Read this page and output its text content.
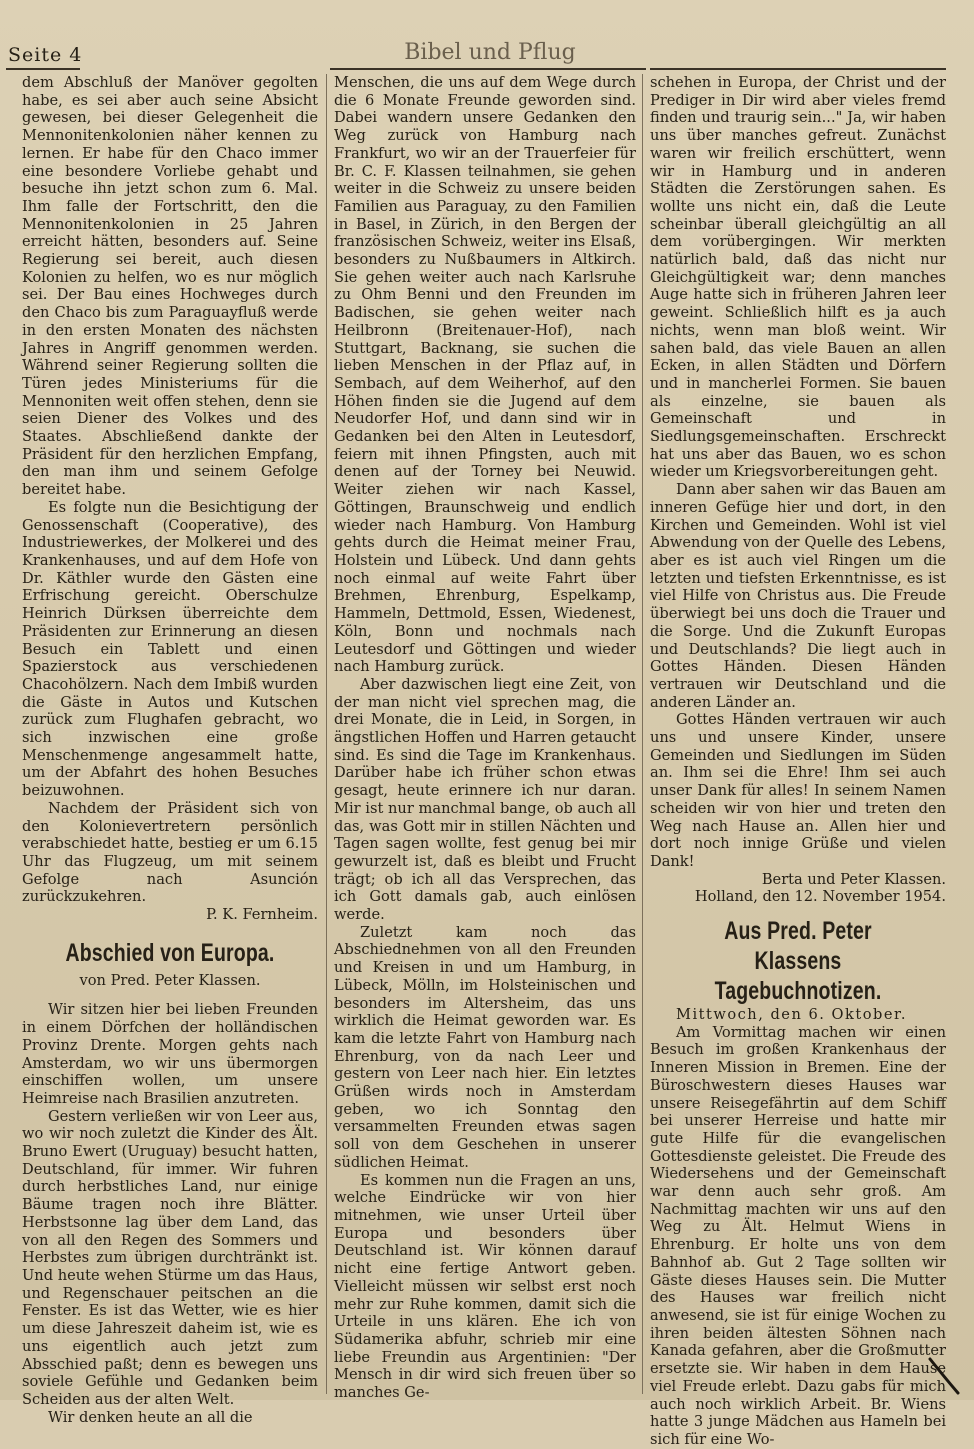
Seite 4	Bibel und Pflug

dem Abschluß der Manöver gegolten habe, es sei aber auch seine Absicht gewesen, bei dieser Gelegenheit die Mennonitenkolonien näher kennen zu lernen. Er habe für den Chaco immer eine besondere Vorliebe gehabt und besuche ihn jetzt schon zum 6. Mal. Ihm falle der Fortschritt, den die Mennonitenkolonien in 25 Jahren erreicht hätten, besonders auf. Seine Regierung sei bereit, auch diesen Kolonien zu helfen, wo es nur möglich sei. Der Bau eines Hochweges durch den Chaco bis zum Paraguayfluß werde in den ersten Monaten des nächsten Jahres in Angriff genommen werden. Während seiner Regierung sollten die Türen jedes Ministeriums für die Mennoniten weit offen stehen, denn sie seien Diener des Volkes und des Staates. Abschließend dankte der Präsident für den herzlichen Empfang, den man ihm und seinem Gefolge bereitet habe.

Es folgte nun die Besichtigung der Genossenschaft (Cooperative), des Industriewerkes, der Molkerei und des Krankenhauses, und auf dem Hofe von Dr. Käthler wurde den Gästen eine Erfrischung gereicht. Oberschulze Heinrich Dürksen überreichte dem Präsidenten zur Erinnerung an diesen Besuch ein Tablett und einen Spazierstock aus verschiedenen Chacohölzern. Nach dem Imbiß wurden die Gäste in Autos und Kutschen zurück zum Flughafen gebracht, wo sich inzwischen eine große Menschenmenge angesammelt hatte, um der Abfahrt des hohen Besuches beizuwohnen.

Nachdem der Präsident sich von den Kolonievertretern persönlich verabschiedet hatte, bestieg er um 6.15 Uhr das Flugzeug, um mit seinem Gefolge nach Asunción zurückzukehren.

P. K. Fernheim.

Abschied von Europa.
von Pred. Peter Klassen.

Wir sitzen hier bei lieben Freunden in einem Dörfchen der holländischen Provinz Drente. Morgen gehts nach Amsterdam, wo wir uns übermorgen einschiffen wollen, um unsere Heimreise nach Brasilien anzutreten.

Gestern verließen wir von Leer aus, wo wir noch zuletzt die Kinder des Ält. Bruno Ewert (Uruguay) besucht hatten, Deutschland, für immer. Wir fuhren durch herbstliches Land, nur einige Bäume tragen noch ihre Blätter. Herbstsonne lag über dem Land, das von all den Regen des Sommers und Herbstes zum übrigen durchtränkt ist. Und heute wehen Stürme um das Haus, und Regenschauer peitschen an die Fenster. Es ist das Wetter, wie es hier um diese Jahreszeit daheim ist, wie es uns eigentlich auch jetzt zum Absschied paßt; denn es bewegen uns soviele Gefühle und Gedanken beim Scheiden aus der alten Welt.

Wir denken heute an all die

Menschen, die uns auf dem Wege durch die 6 Monate Freunde geworden sind. Dabei wandern unsere Gedanken den Weg zurück von Hamburg nach Frankfurt, wo wir an der Trauerfeier für Br. C. F. Klassen teilnahmen, sie gehen weiter in die Schweiz zu unsere beiden Familien aus Paraguay, zu den Familien in Basel, in Zürich, in den Bergen der französischen Schweiz, weiter ins Elsaß, besonders zu Nußbaumers in Altkirch. Sie gehen weiter auch nach Karlsruhe zu Ohm Benni und den Freunden im Badischen, sie gehen weiter nach Heilbronn (Breitenauer-Hof), nach Stuttgart, Backnang, sie suchen die lieben Menschen in der Pflaz auf, in Sembach, auf dem Weiherhof, auf den Höhen finden sie die Jugend auf dem Neudorfer Hof, und dann sind wir in Gedanken bei den Alten in Leutesdorf, feiern mit ihnen Pfingsten, auch mit denen auf der Torney bei Neuwid. Weiter ziehen wir nach Kassel, Göttingen, Braunschweig und endlich wieder nach Hamburg. Von Hamburg gehts durch die Heimat meiner Frau, Holstein und Lübeck. Und dann gehts noch einmal auf weite Fahrt über Brehmen, Ehrenburg, Espelkamp, Hammeln, Dettmold, Essen, Wiedenest, Köln, Bonn und nochmals nach Leutesdorf und Göttingen und wieder nach Hamburg zurück.

Aber dazwischen liegt eine Zeit, von der man nicht viel sprechen mag, die drei Monate, die in Leid, in Sorgen, in ängstlichen Hoffen und Harren getaucht sind. Es sind die Tage im Krankenhaus. Darüber habe ich früher schon etwas gesagt, heute erinnere ich nur daran. Mir ist nur manchmal bange, ob auch all das, was Gott mir in stillen Nächten und Tagen sagen wollte, fest genug bei mir gewurzelt ist, daß es bleibt und Frucht trägt; ob ich all das Versprechen, das ich Gott damals gab, auch einlösen werde.

Zuletzt kam noch das Abschiednehmen von all den Freunden und Kreisen in und um Hamburg, in Lübeck, Mölln, im Holsteinischen und besonders im Altersheim, das uns wirklich die Heimat geworden war. Es kam die letzte Fahrt von Hamburg nach Ehrenburg, von da nach Leer und gestern von Leer nach hier. Ein letztes Grüßen wirds noch in Amsterdam geben, wo ich Sonntag den versammelten Freunden etwas sagen soll von dem Geschehen in unserer südlichen Heimat.

Es kommen nun die Fragen an uns, welche Eindrücke wir von hier mitnehmen, wie unser Urteil über Europa und besonders über Deutschland ist. Wir können darauf nicht eine fertige Antwort geben. Vielleicht müssen wir selbst erst noch mehr zur Ruhe kommen, damit sich die Urteile in uns klären. Ehe ich von Südamerika abfuhr, schrieb mir eine liebe Freundin aus Argentinien: "Der Mensch in dir wird sich freuen über so manches Ge-

schehen in Europa, der Christ und der Prediger in Dir wird aber vieles fremd finden und traurig sein..." Ja, wir haben uns über manches gefreut. Zunächst waren wir freilich erschüttert, wenn wir in Hamburg und in anderen Städten die Zerstörungen sahen. Es wollte uns nicht ein, daß die Leute scheinbar überall gleichgültig an all dem vorübergingen. Wir merkten natürlich bald, daß das nicht nur Gleichgültigkeit war; denn manches Auge hatte sich in früheren Jahren leer geweint. Schließlich hilft es ja auch nichts, wenn man bloß weint. Wir sahen bald, das viele Bauen an allen Ecken, in allen Städten und Dörfern und in mancherlei Formen. Sie bauen als einzelne, sie bauen als Gemeinschaft und in Siedlungsgemeinschaften. Erschreckt hat uns aber das Bauen, wo es schon wieder um Kriegsvorbereitungen geht.

Dann aber sahen wir das Bauen am inneren Gefüge hier und dort, in den Kirchen und Gemeinden. Wohl ist viel Abwendung von der Quelle des Lebens, aber es ist auch viel Ringen um die letzten und tiefsten Erkenntnisse, es ist viel Hilfe von Christus aus. Die Freude überwiegt bei uns doch die Trauer und die Sorge. Und die Zukunft Europas und Deutschlands? Die liegt auch in Gottes Händen. Diesen Händen vertrauen wir Deutschland und die anderen Länder an.

Gottes Händen vertrauen wir auch uns und unsere Kinder, unsere Gemeinden und Siedlungen im Süden an. Ihm sei die Ehre! Ihm sei auch unser Dank für alles! In seinem Namen scheiden wir von hier und treten den Weg nach Hause an. Allen hier und dort noch innige Grüße und vielen Dank!

Berta und Peter Klassen.

Holland, den 12. November 1954.

Aus Pred. Peter Klassens
Tagebuchnotizen.

Mittwoch, den 6. Oktober.

Am Vormittag machen wir einen Besuch im großen Krankenhaus der Inneren Mission in Bremen. Eine der Büroschwestern dieses Hauses war unsere Reisegefährtin auf dem Schiff bei unserer Herreise und hatte mir gute Hilfe für die evangelischen Gottesdienste geleistet. Die Freude des Wiedersehens und der Gemeinschaft war denn auch sehr groß. Am Nachmittag machten wir uns auf den Weg zu Ält. Helmut Wiens in Ehrenburg. Er holte uns von dem Bahnhof ab. Gut 2 Tage sollten wir Gäste dieses Hauses sein. Die Mutter des Hauses war freilich nicht anwesend, sie ist für einige Wochen zu ihren beiden ältesten Söhnen nach Kanada gefahren, aber die Großmutter ersetzte sie. Wir haben in dem Hause viel Freude erlebt. Dazu gabs für mich auch noch wirklich Arbeit. Br. Wiens hatte 3 junge Mädchen aus Hameln bei sich für eine Wo-
